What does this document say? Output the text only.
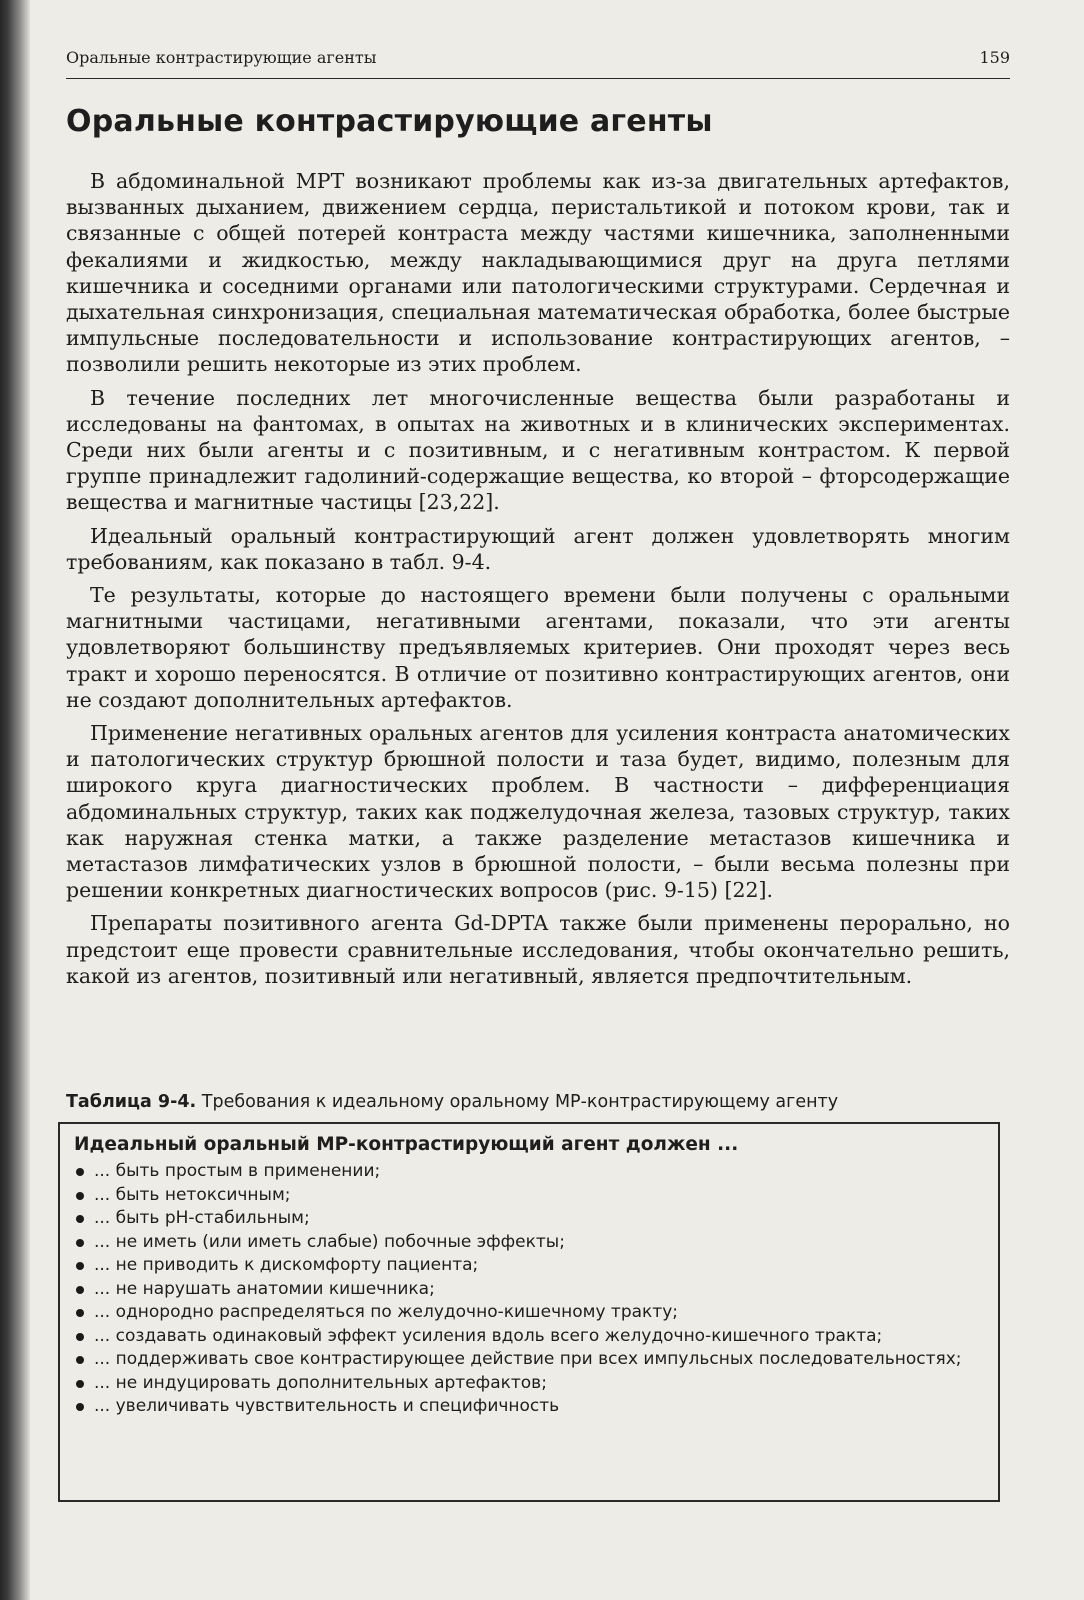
Оральные контрастирующие агенты	159
Оральные контрастирующие агенты

В абдоминальной МРТ возникают проблемы как из-за двигательных артефактов, вызванных дыханием, движением сердца, перистальтикой и потоком крови, так и связанные с общей потерей контраста между частями кишечника, заполненными фекалиями и жидкостью, между накладывающимися друг на друга петлями кишечника и соседними органами или патологическими структурами. Сердечная и дыхательная синхронизация, специальная математическая обработка, более быстрые импульсные последовательности и использование контрастирующих агентов, – позволили решить некоторые из этих проблем.

В течение последних лет многочисленные вещества были разработаны и исследованы на фантомах, в опытах на животных и в клинических экспериментах. Среди них были агенты и с позитивным, и с негативным контрастом. К первой группе принадлежит гадолиний-содержащие вещества, ко второй – фторсодержащие вещества и магнитные частицы [23,22].

Идеальный оральный контрастирующий агент должен удовлетворять многим требованиям, как показано в табл. 9-4.

Те результаты, которые до настоящего времени были получены с оральными магнитными частицами, негативными агентами, показали, что эти агенты удовлетворяют большинству предъявляемых критериев. Они проходят через весь тракт и хорошо переносятся. В отличие от позитивно контрастирующих агентов, они не создают дополнительных артефактов.

Применение негативных оральных агентов для усиления контраста анатомических и патологических структур брюшной полости и таза будет, видимо, полезным для широкого круга диагностических проблем. В частности – дифференциация абдоминальных структур, таких как поджелудочная железа, тазовых структур, таких как наружная стенка матки, а также разделение метастазов кишечника и метастазов лимфатических узлов в брюшной полости, – были весьма полезны при решении конкретных диагностических вопросов (рис. 9-15) [22].

Препараты позитивного агента Gd-DPTA также были применены перорально, но предстоит еще провести сравнительные исследования, чтобы окончательно решить, какой из агентов, позитивный или негативный, является предпочтительным.

Таблица 9-4. Требования к идеальному оральному МР-контрастирующему агенту
Идеальный оральный МР-контрастирующий агент должен ...
... быть простым в применении;
... быть нетоксичным;
... быть pH-стабильным;
... не иметь (или иметь слабые) побочные эффекты;
... не приводить к дискомфорту пациента;
... не нарушать анатомии кишечника;
... однородно распределяться по желудочно-кишечному тракту;
... создавать одинаковый эффект усиления вдоль всего желудочно-кишечного тракта;
... поддерживать свое контрастирующее действие при всех импульсных последовательностях;
... не индуцировать дополнительных артефактов;
... увеличивать чувствительность и специфичность
